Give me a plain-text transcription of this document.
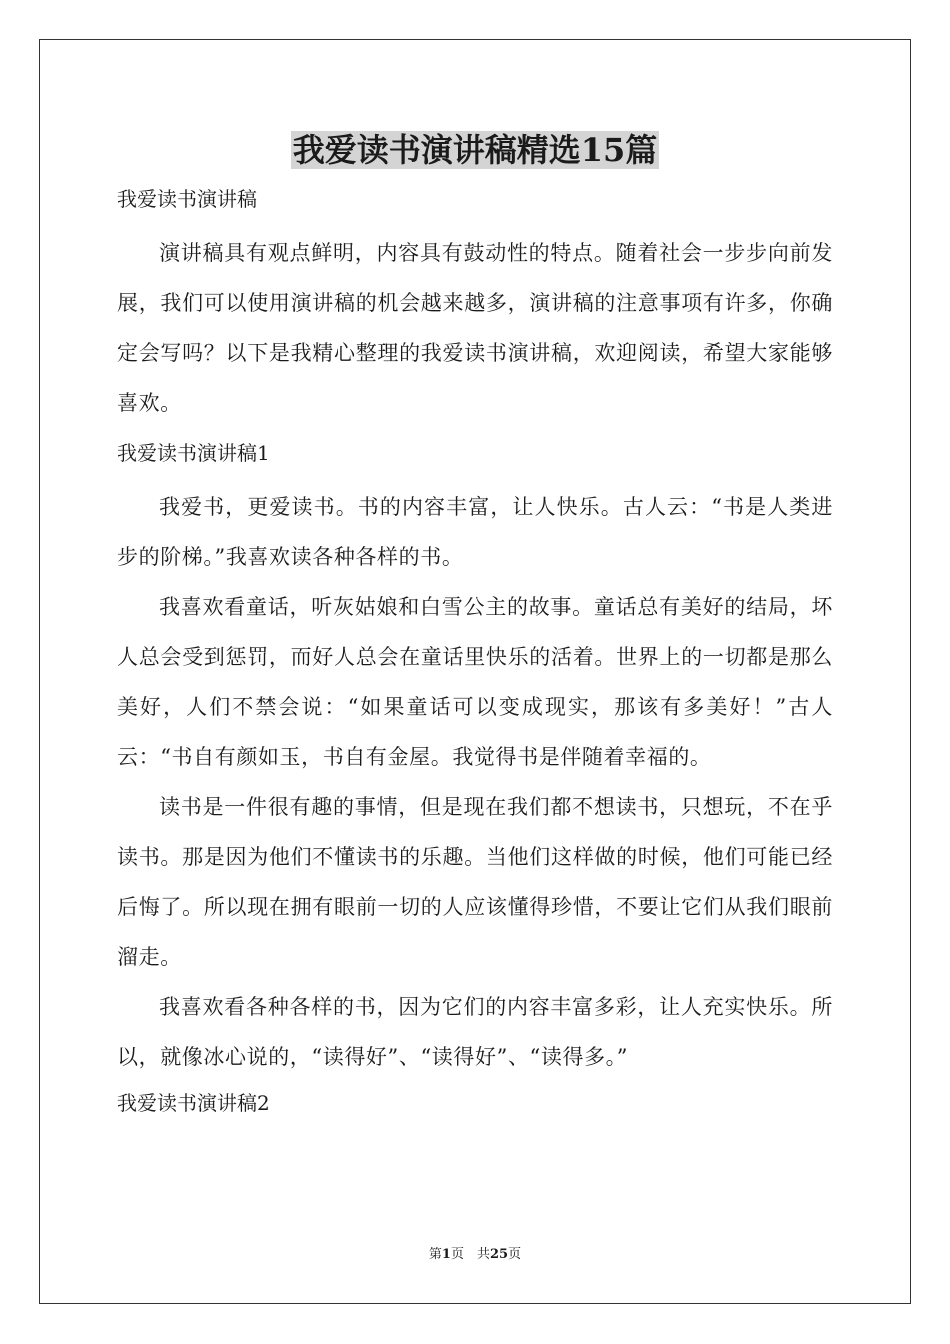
我爱读书演讲稿精选15篇

我爱读书演讲稿

演讲稿具有观点鲜明，内容具有鼓动性的特点。随着社会一步步向前发展，我们可以使用演讲稿的机会越来越多，演讲稿的注意事项有许多，你确定会写吗？以下是我精心整理的我爱读书演讲稿，欢迎阅读，希望大家能够喜欢。

我爱读书演讲稿1

我爱书，更爱读书。书的内容丰富，让人快乐。古人云：“书是人类进步的阶梯。”我喜欢读各种各样的书。

我喜欢看童话，听灰姑娘和白雪公主的故事。童话总有美好的结局，坏人总会受到惩罚，而好人总会在童话里快乐的活着。世界上的一切都是那么美好，人们不禁会说：“如果童话可以变成现实，那该有多美好！”古人云：“书自有颜如玉，书自有金屋。我觉得书是伴随着幸福的。

读书是一件很有趣的事情，但是现在我们都不想读书，只想玩，不在乎读书。那是因为他们不懂读书的乐趣。当他们这样做的时候，他们可能已经后悔了。所以现在拥有眼前一切的人应该懂得珍惜，不要让它们从我们眼前溜走。

我喜欢看各种各样的书，因为它们的内容丰富多彩，让人充实快乐。所以，就像冰心说的，“读得好”、“读得好”、“读得多。”

我爱读书演讲稿2

第1页　共25页
